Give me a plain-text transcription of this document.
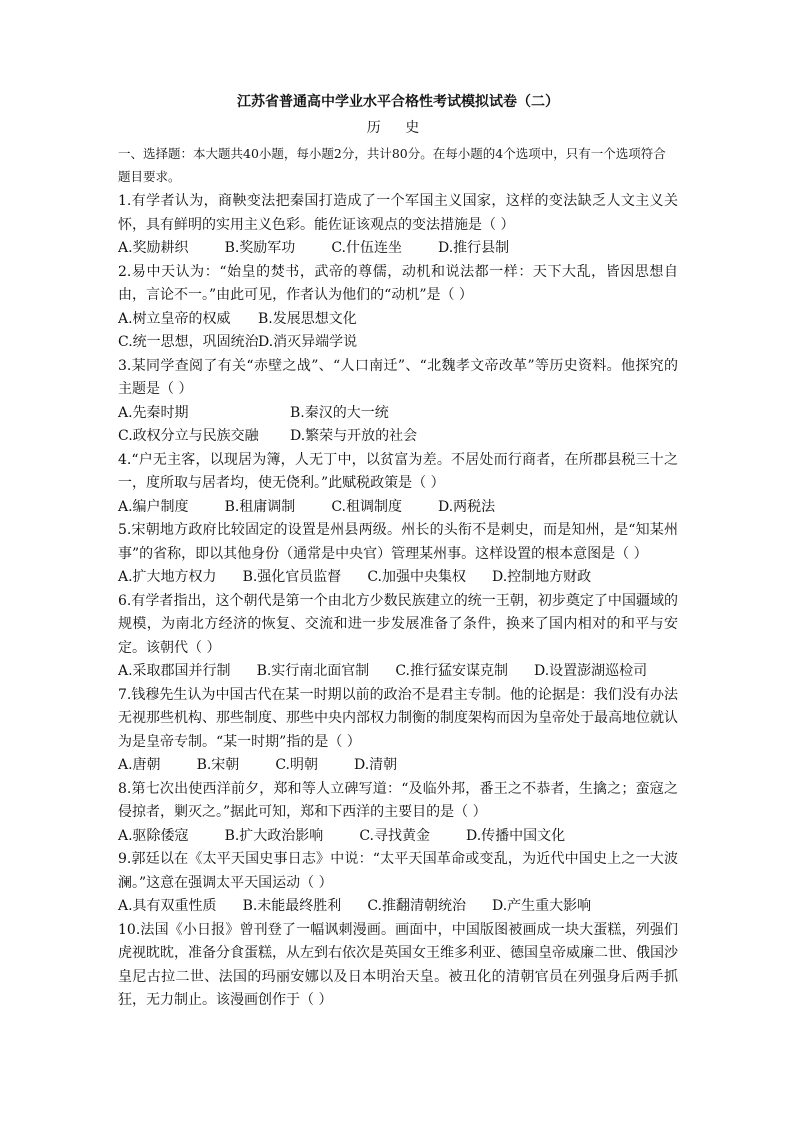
江苏省普通高中学业水平合格性考试模拟试卷（二）
历 史
一、选择题：本大题共40小题，每小题2分，共计80分。在每小题的4个选项中，只有一个选项符合题目要求。

1.有学者认为，商鞅变法把秦国打造成了一个军国主义国家，这样的变法缺乏人文主义关怀，具有鲜明的实用主义色彩。能佐证该观点的变法措施是（ ）

A.奖励耕织	B.奖励军功	C.什伍连坐	D.推行县制

2.易中天认为：“始皇的焚书，武帝的尊儒，动机和说法都一样：天下大乱，皆因思想自由，言论不一。”由此可见，作者认为他们的“动机”是（ ）

A.树立皇帝的权威	B.发展思想文化
C.统一思想，巩固统治 D.消灭异端学说

3.某同学查阅了有关“赤壁之战”、“人口南迁”、“北魏孝文帝改革”等历史资料。他探究的主题是（ ）

A.先秦时期	B.秦汉的大一统
C.政权分立与民族交融	D.繁荣与开放的社会

4.“户无主客，以现居为簿，人无丁中，以贫富为差。不居处而行商者，在所郡县税三十之一，度所取与居者均，使无侥利。”此赋税政策是（ ）

A.编户制度	B.租庸调制	C.租调制度	D.两税法

5.宋朝地方政府比较固定的设置是州县两级。州长的头衔不是刺史，而是知州，是“知某州事”的省称，即以其他身份（通常是中央官）管理某州事。这样设置的根本意图是（ ）

A.扩大地方权力 B.强化官员监督 C.加强中央集权 D.控制地方财政

6.有学者指出，这个朝代是第一个由北方少数民族建立的统一王朝，初步奠定了中国疆域的规模，为南北方经济的恢复、交流和进一步发展准备了条件，换来了国内相对的和平与安定。该朝代（ ）

A.采取郡国并行制 B.实行南北面官制 C.推行猛安谋克制 D.设置澎湖巡检司

7.钱穆先生认为中国古代在某一时期以前的政治不是君主专制。他的论据是：我们没有办法无视那些机构、那些制度、那些中央内部权力制衡的制度架构而因为皇帝处于最高地位就认为是皇帝专制。“某一时期”指的是（ ）

A.唐朝	B.宋朝	C.明朝	D.清朝

8.第七次出使西洋前夕，郑和等人立碑写道：“及临外邦，番王之不恭者，生擒之；蛮寇之侵掠者，剿灭之。”据此可知，郑和下西洋的主要目的是（ ）

A.驱除倭寇	B.扩大政治影响	C.寻找黄金	D.传播中国文化

9.郭廷以在《太平天国史事日志》中说：“太平天国革命或变乱，为近代中国史上之一大波澜。”这意在强调太平天国运动（ ）

A.具有双重性质 B.未能最终胜利 C.推翻清朝统治 D.产生重大影响

10.法国《小日报》曾刊登了一幅讽刺漫画。画面中，中国版图被画成一块大蛋糕，列强们虎视眈眈，准备分食蛋糕，从左到右依次是英国女王维多利亚、德国皇帝威廉二世、俄国沙皇尼古拉二世、法国的玛丽安娜以及日本明治天皇。被丑化的清朝官员在列强身后两手抓狂，无力制止。该漫画创作于（ ）
